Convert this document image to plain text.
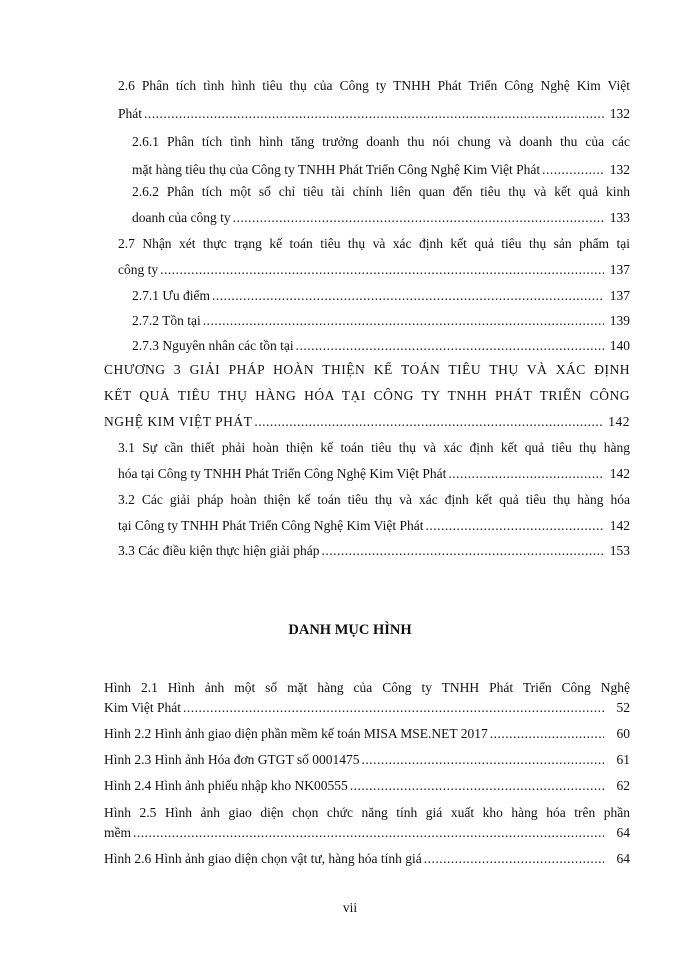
2.6 Phân tích tình hình tiêu thụ của Công ty TNHH Phát Triển Công Nghệ Kim Việt
Phát .....	132
2.6.1 Phân tích tình hình tăng trưởng doanh thu nói chung và doanh thu của các
mặt hàng tiêu thụ của Công ty TNHH Phát Triển Công Nghệ Kim Việt Phát .....	132
2.6.2 Phân tích một số chỉ tiêu tài chính liên quan đến tiêu thụ và kết quả kinh
doanh của công ty .....	133
2.7 Nhận xét thực trạng kế toán tiêu thụ và xác định kết quả tiêu thụ sản phẩm tại
công ty .....	137
2.7.1 Ưu điểm .....	137
2.7.2 Tồn tại .....	139
2.7.3 Nguyên nhân các tồn tại .....	140
CHƯƠNG 3 GIẢI PHÁP HOÀN THIỆN KẾ TOÁN TIÊU THỤ VÀ XÁC ĐỊNH
KẾT QUẢ TIÊU THỤ HÀNG HÓA TẠI CÔNG TY TNHH PHÁT TRIỂN CÔNG
NGHỆ KIM VIỆT PHÁT .....	142
3.1 Sự cần thiết phải hoàn thiện kế toán tiêu thụ và xác định kết quả tiêu thụ hàng
hóa tại Công ty TNHH Phát Triển Công Nghệ Kim Việt Phát .....	142
3.2 Các giải pháp hoàn thiện kế toán tiêu thụ và xác định kết quả tiêu thụ hàng hóa
tại Công ty TNHH Phát Triển Công Nghệ Kim Việt Phát .....	142
3.3 Các điều kiện thực hiện giải pháp .....	153
DANH MỤC HÌNH
Hình 2.1 Hình ảnh một số mặt hàng của Công ty TNHH Phát Triển Công Nghệ
Kim Việt Phát .....	52
Hình 2.2 Hình ảnh giao diện phần mềm kế toán MISA MSE.NET 2017 .....	60
Hình 2.3 Hình ảnh Hóa đơn GTGT số 0001475 .....	61
Hình 2.4 Hình ảnh phiếu nhập kho NK00555 .....	62
Hình 2.5 Hình ảnh giao diện chọn chức năng tính giá xuất kho hàng hóa trên phần
mềm .....	64
Hình 2.6 Hình ảnh giao diện chọn vật tư, hàng hóa tính giá .....	64
vii
